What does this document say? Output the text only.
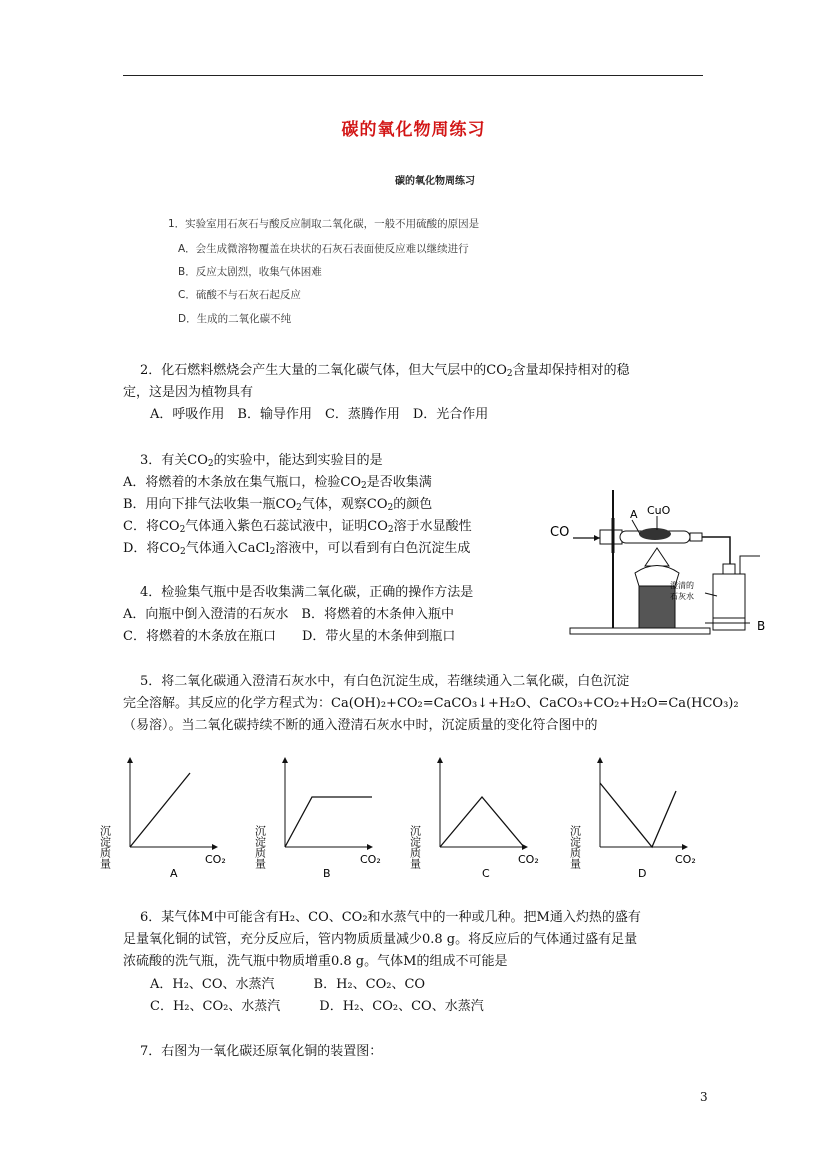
碳的氧化物周练习
碳的氧化物周练习
1．实验室用石灰石与酸反应制取二氧化碳，一般不用硫酸的原因是
A．会生成微溶物覆盖在块状的石灰石表面使反应难以继续进行
B．反应太剧烈，收集气体困难
C．硫酸不与石灰石起反应
D．生成的二氧化碳不纯
2．化石燃料燃烧会产生大量的二氧化碳气体，但大气层中的$CO_2$含量却保持相对的稳
定，这是因为植物具有
A．呼吸作用　B．输导作用　C．蒸腾作用　D．光合作用
3．有关$CO_2$的实验中，能达到实验目的是
A．将燃着的木条放在集气瓶口，检验$CO_2$是否收集满
B．用向下排气法收集一瓶$CO_2$气体，观察$CO_2$的颜色
C．将$CO_2$气体通入紫色石蕊试液中，证明$CO_2$溶于水显酸性
D．将$CO_2$气体通入CaCl$_2$溶液中，可以看到有白色沉淀生成
4．检验集气瓶中是否收集满二氧化碳，正确的操作方法是
A．向瓶中倒入澄清的石灰水　B．将燃着的木条伸入瓶中
C．将燃着的木条放在瓶口　　D．带火星的木条伸到瓶口
CO
A CuO
澄清的
石灰水
B
5．将二氧化碳通入澄清石灰水中，有白色沉淀生成，若继续通入二氧化碳，白色沉淀
完全溶解。其反应的化学方程式为：Ca(OH)₂+CO₂=CaCO₃↓+H₂O、CaCO₃+CO₂+H₂O=Ca(HCO₃)₂
（易溶）。当二氧化碳持续不断的通入澄清石灰水中时，沉淀质量的变化符合图中的
沉淀质量	CO₂
A
沉淀质量	CO₂
B
沉淀质量	CO₂
C
沉淀质量	CO₂
D
6．某气体M中可能含有H₂、CO、CO₂和水蒸气中的一种或几种。把M通入灼热的盛有
足量氧化铜的试管，充分反应后，管内物质质量减少0.8 g。将反应后的气体通过盛有足量
浓硫酸的洗气瓶，洗气瓶中物质增重0.8 g。气体M的组成不可能是
A．H₂、CO、水蒸汽　　　B．H₂、CO₂、CO
C．H₂、CO₂、水蒸汽　　　D．H₂、CO₂、CO、水蒸汽
7．右图为一氧化碳还原氧化铜的装置图：
3
